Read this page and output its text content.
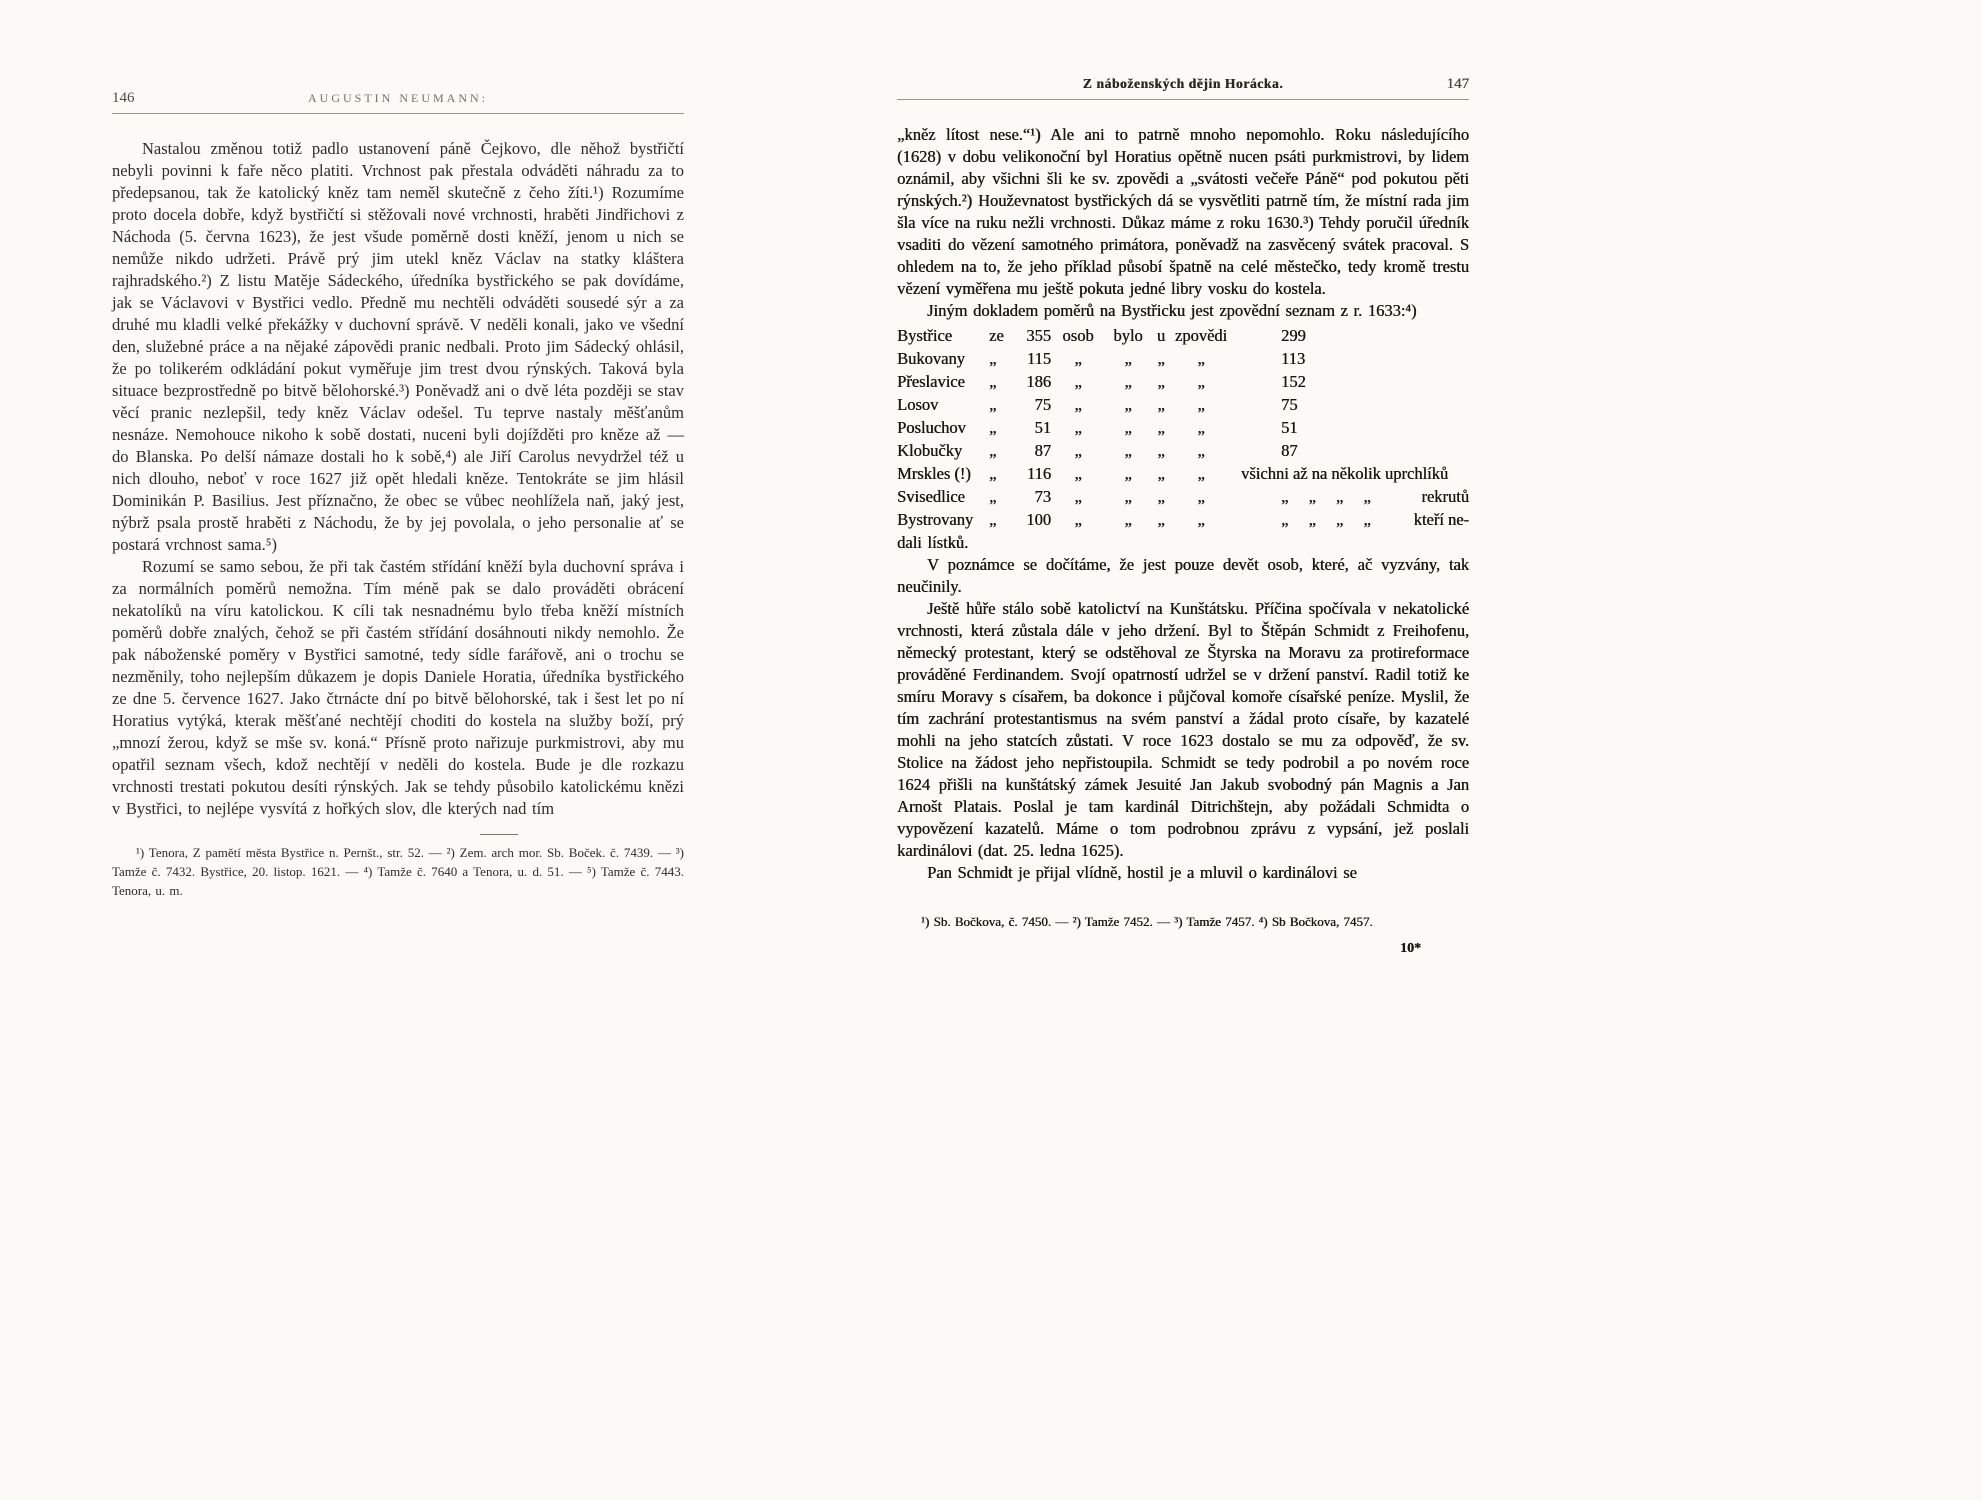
146	AUGUSTIN NEUMANN:

Nastalou změnou totiž padlo ustanovení páně Čejkovo, dle něhož bystřičtí nebyli povinni k faře něco platiti. Vrchnost pak přestala odváděti náhradu za to předepsanou, tak že katolický kněz tam neměl skutečně z čeho žíti.¹) Rozumíme proto docela dobře, když bystřičtí si stěžovali nové vrchnosti, hraběti Jindřichovi z Náchoda (5. června 1623), že jest všude poměrně dosti kněží, jenom u nich se nemůže nikdo udržeti. Právě prý jim utekl kněz Václav na statky kláštera rajhradského.²) Z listu Matěje Sádeckého, úředníka bystřického se pak dovídáme, jak se Václavovi v Bystřici vedlo. Předně mu nechtěli odváděti sousedé sýr a za druhé mu kladli velké překážky v duchovní správě. V neděli konali, jako ve všední den, služebné práce a na nějaké zápovědi pranic nedbali. Proto jim Sádecký ohlásil, že po tolikerém odkládání pokut vyměřuje jim trest dvou rýnských. Taková byla situace bezprostředně po bitvě bělohorské.³) Poněvadž ani o dvě léta později se stav věcí pranic nezlepšil, tedy kněz Václav odešel. Tu teprve nastaly měšťanům nesnáze. Nemohouce nikoho k sobě dostati, nuceni byli dojížděti pro kněze až — do Blanska. Po delší námaze dostali ho k sobě,⁴) ale Jiří Carolus nevydržel též u nich dlouho, neboť v roce 1627 již opět hledali kněze. Tentokráte se jim hlásil Dominikán P. Basilius. Jest příznačno, že obec se vůbec neohlížela naň, jaký jest, nýbrž psala prostě hraběti z Náchodu, že by jej povolala, o jeho personalie ať se postará vrchnost sama.⁵)

Rozumí se samo sebou, že při tak častém střídání kněží byla duchovní správa i za normálních poměrů nemožna. Tím méně pak se dalo prováděti obrácení nekatolíků na víru katolickou. K cíli tak nesnadnému bylo třeba kněží místních poměrů dobře znalých, čehož se při častém střídání dosáhnouti nikdy nemohlo. Že pak náboženské poměry v Bystřici samotné, tedy sídle farářově, ani o trochu se nezměnily, toho nejlepším důkazem je dopis Daniele Horatia, úředníka bystřického ze dne 5. července 1627. Jako čtrnácte dní po bitvě bělohorské, tak i šest let po ní Horatius vytýká, kterak měšťané nechtějí choditi do kostela na služby boží, prý „mnozí žerou, když se mše sv. koná.“ Přísně proto nařizuje purkmistrovi, aby mu opatřil seznam všech, kdož nechtějí v neděli do kostela. Bude je dle rozkazu vrchnosti trestati pokutou desíti rýnských. Jak se tehdy působilo katolickému knězi v Bystřici, to nejlépe vysvítá z hořkých slov, dle kterých nad tím

¹) Tenora, Z pamětí města Bystřice n. Pernšt., str. 52. — ²) Zem. arch mor. Sb. Boček. č. 7439. — ³) Tamže č. 7432. Bystřice, 20. listop. 1621. — ⁴) Tamže č. 7640 a Tenora, u. d. 51. — ⁵) Tamže č. 7443. Tenora, u. m.

Z náboženských dějin Horácka.	147

„kněz lítost nese.“¹) Ale ani to patrně mnoho nepomohlo. Roku následujícího (1628) v dobu velikonoční byl Horatius opětně nucen psáti purkmistrovi, by lidem oznámil, aby všichni šli ke sv. zpovědi a „svátosti večeře Páně“ pod pokutou pěti rýnských.²) Houževnatost bystřických dá se vysvětliti patrně tím, že místní rada jim šla více na ruku nežli vrchnosti. Důkaz máme z roku 1630.³) Tehdy poručil úředník vsaditi do vězení samotného primátora, poněvadž na zasvěcený svátek pracoval. S ohledem na to, že jeho příklad působí špatně na celé městečko, tedy kromě trestu vězení vyměřena mu ještě pokuta jedné libry vosku do kostela.

Jiným dokladem poměrů na Bystřicku jest zpovědní seznam z r. 1633:⁴)

Bystřice	ze	355 osob	bylo u zpovědi	299
Bukovany	„	115	„	„	„	„	113
Přeslavice	„	186	„	„	„	„	152
Losov	„	75	„	„	„	„	75
Posluchov	„	51	„	„	„	„	51
Klobučky	„	87	„	„	„	„	87
Mrskles (!)	„	116	„	„	„	„	všichni až na několik uprchlíků
Svisedlice	„	73	„	„	„	„	„ „ „ „	rekrutů
Bystrovany „	100	„	„	„	„	„ „ „ „	kteří ne-

dali lístků.

V poznámce se dočítáme, že jest pouze devět osob, které, ač vyzvány, tak neučinily.

Ještě hůře stálo sobě katolictví na Kunštátsku. Příčina spočívala v nekatolické vrchnosti, která zůstala dále v jeho držení. Byl to Štěpán Schmidt z Freihofenu, německý protestant, který se odstěhoval ze Štyrska na Moravu za protireformace prováděné Ferdinandem. Svojí opatrností udržel se v držení panství. Radil totiž ke smíru Moravy s císařem, ba dokonce i půjčoval komoře císařské peníze. Myslil, že tím zachrání protestantismus na svém panství a žádal proto císaře, by kazatelé mohli na jeho statcích zůstati. V roce 1623 dostalo se mu za odpověď, že sv. Stolice na žádost jeho nepřistoupila. Schmidt se tedy podrobil a po novém roce 1624 přišli na kunštátský zámek Jesuité Jan Jakub svobodný pán Magnis a Jan Arnošt Platais. Poslal je tam kardinál Ditrichštejn, aby požádali Schmidta o vypovězení kazatelů. Máme o tom podrobnou zprávu z vypsání, jež poslali kardinálovi (dat. 25. ledna 1625).

Pan Schmidt je přijal vlídně, hostil je a mluvil o kardinálovi se

¹) Sb. Bočkova, č. 7450. — ²) Tamže 7452. — ³) Tamže 7457. ⁴) Sb Bočkova, 7457.

10*
